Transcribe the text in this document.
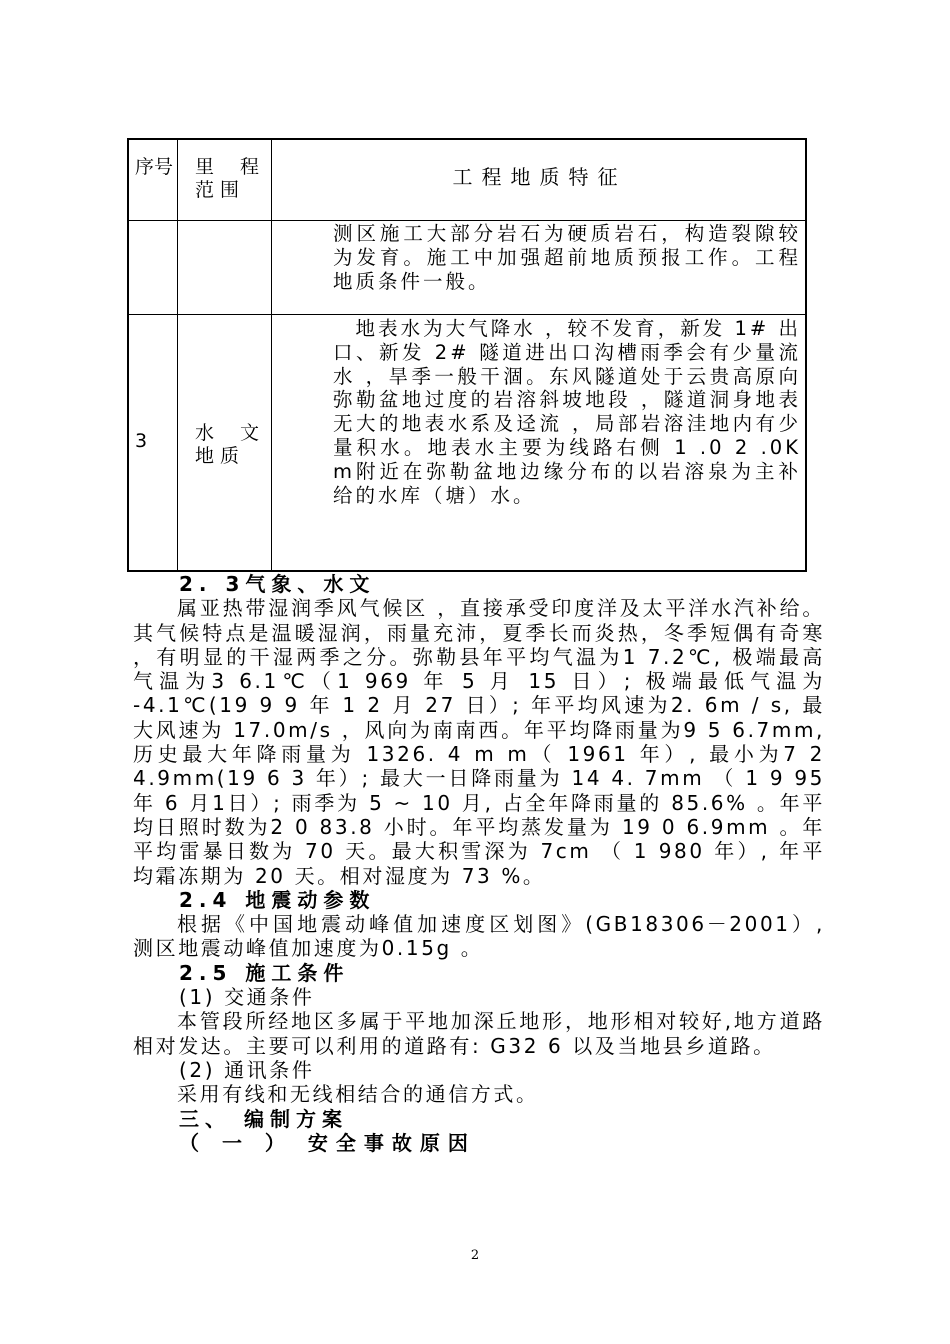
序号 里 程
范 围
工程地质特征
测区施工大部分岩石为硬质岩石，构造裂隙较为发育。施工中加强超前地质预报工作。工程地质条件一般。
3	水 文
地 质
　地表水为大气降水 ，较不发育，新发 1# 出口、新发 2# 隧道进出口沟槽雨季会有少量流水 ，旱季一般干涸。东风隧道处于云贵高原向弥勒盆地过度的岩溶斜坡地段 ，隧道洞身地表无大的地表水系及迳流 ，局部岩溶洼地内有少量积水。地表水主要为线路右侧 1 .0 2 .0K m附近在弥勒盆地边缘分布的以岩溶泉为主补给的水库（塘）水。

2. 3气象、水文

属亚热带湿润季风气候区 ，直接承受印度洋及太平洋水汽补给。其气候特点是温暖湿润，雨量充沛，夏季长而炎热，冬季短偶有奇寒 ，有明显的干湿两季之分。弥勒县年平均气温为1 7.2℃, 极端最高气温为3 6.1℃（1 969 年 5 月 15 日）; 极端最低气温为 -4.1℃(19 9 9 年 1 2 月 27 日）; 年平均风速为2. 6m / s, 最大风速为 17.0m/s ，风向为南南西。年平均降雨量为9 5 6.7mm, 历史最大年降雨量为 1326. 4 m m（ 1961 年）, 最小为7 2 4.9mm(19 6 3 年）; 最大一日降雨量为 14 4. 7mm （ 1 9 95 年 6 月1日）; 雨季为 5 ~ 10 月, 占全年降雨量的 85.6% 。年平均日照时数为2 0 83.8 小时。年平均蒸发量为 19 0 6.9mm 。年平均雷暴日数为 70 天。最大积雪深为 7cm （ 1 980 年）, 年平均霜冻期为 20 天。相对湿度为 73 %。

2.4 地震动参数

根据《中国地震动峰值加速度区划图》(GB18306－2001）, 测区地震动峰值加速度为0.15g 。

2.5 施工条件

(1) 交通条件

本管段所经地区多属于平地加深丘地形，地形相对较好,地方道路相对发达。主要可以利用的道路有: G32 6 以及当地县乡道路。

(2) 通讯条件

采用有线和无线相结合的通信方式。

三、 编制方案

（ 一 ） 安全事故原因

2
